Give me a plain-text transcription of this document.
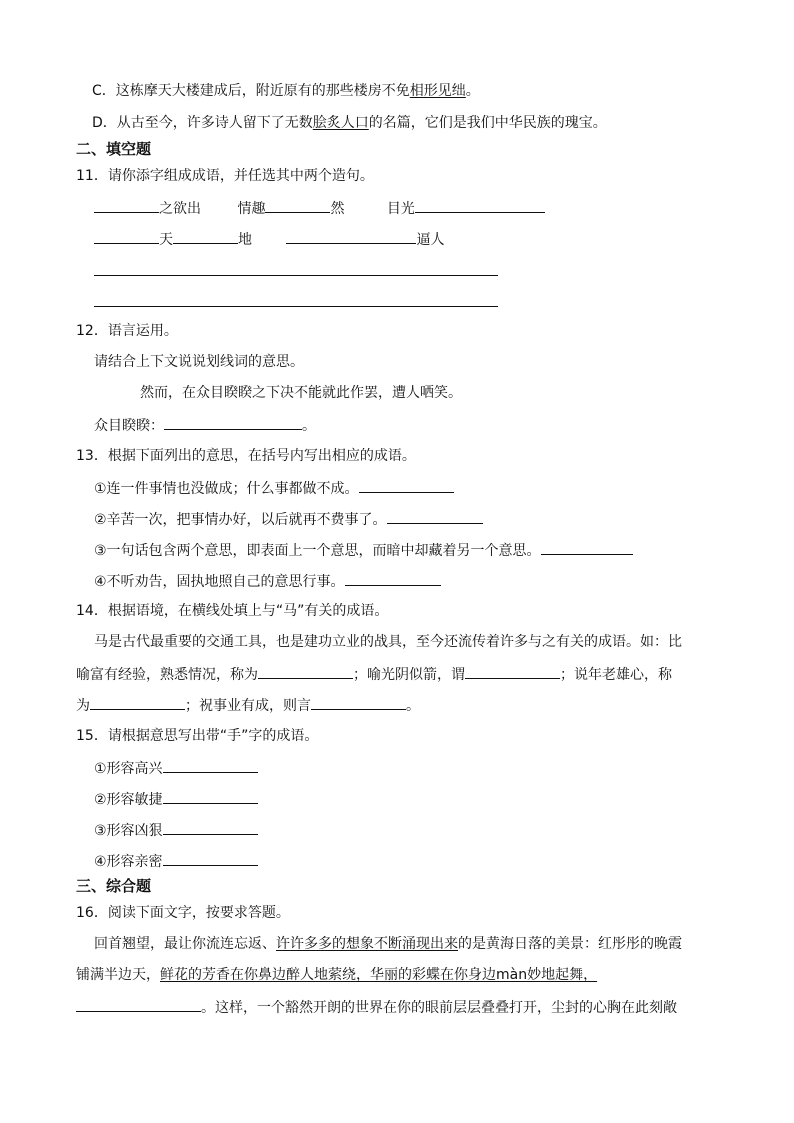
C．这栋摩天大楼建成后，附近原有的那些楼房不免相形见绌。
D．从古至今，许多诗人留下了无数脍炙人口的名篇，它们是我们中华民族的瑰宝。
二、填空题
11．请你添字组成成语，并任选其中两个造句。
之欲出	情趣	然	目光
天	地	逼人
12．语言运用。
请结合上下文说说划线词的意思。
然而，在众目睽睽之下决不能就此作罢，遭人哂笑。
众目睽睽：	。
13．根据下面列出的意思，在括号内写出相应的成语。
①连一件事情也没做成；什么事都做不成。
②辛苦一次，把事情办好，以后就再不费事了。
③一句话包含两个意思，即表面上一个意思，而暗中却藏着另一个意思。
④不听劝告，固执地照自己的意思行事。
14．根据语境，在横线处填上与“马”有关的成语。
马是古代最重要的交通工具，也是建功立业的战具，至今还流传着许多与之有关的成语。如：比
喻富有经验，熟悉情况，称为	；喻光阴似箭，谓	；说年老雄心，称
为	；祝事业有成，则言	。
15．请根据意思写出带“手”字的成语。
①形容高兴
②形容敏捷
③形容凶狠
④形容亲密
三、综合题
16．阅读下面文字，按要求答题。
回首翘望，最让你流连忘返、许许多多的想象不断涌现出来的是黄海日落的美景：红彤彤的晚霞
铺满半边天，鲜花的芳香在你鼻边醉人地萦绕，华丽的彩蝶在你身边màn妙地起舞，
。这样，一个豁然开朗的世界在你的眼前层层叠叠打开，尘封的心胸在此刻敞
